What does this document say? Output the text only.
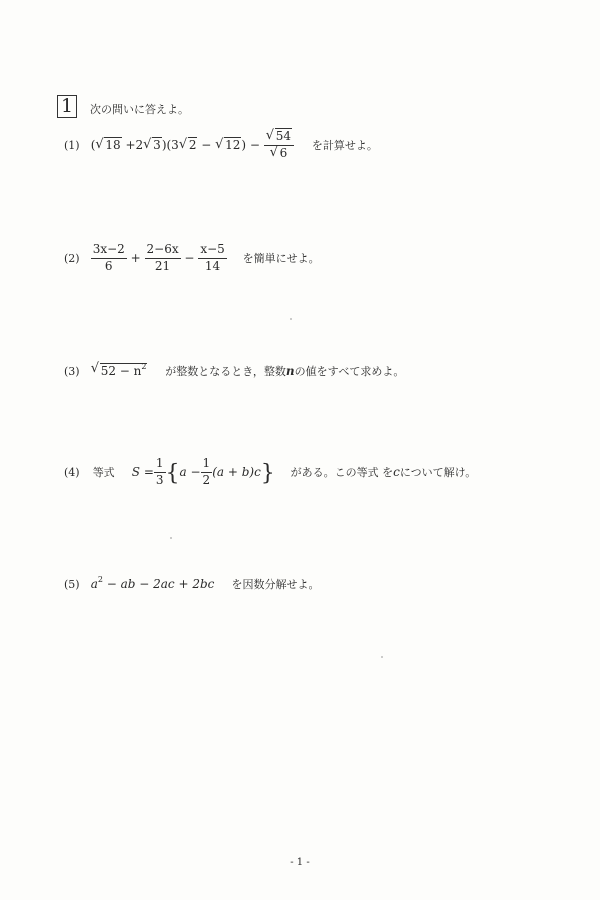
1	次の問いに答えよ。
(1) ( √ 18 +2 √ 3)(3 √ 2 − √ 12) − √ 54
√ 6 を計算せよ。
$(2) \frac{3x-2}{6} + \frac{2-6x}{21} - \frac{x-5}{14}$ を簡単にせよ。
(3) √ $52 - n^2$ が整数となるとき，整数nの値をすべて求めよ。
(4) 等式 $S = \frac{1}{3} \{a - \frac{1}{2} (a + b)c\}$ がある。この等式 をcについて解け。
(5) $a^2$ − ab − 2ac + 2bc を因数分解せよ。
- 1 -
